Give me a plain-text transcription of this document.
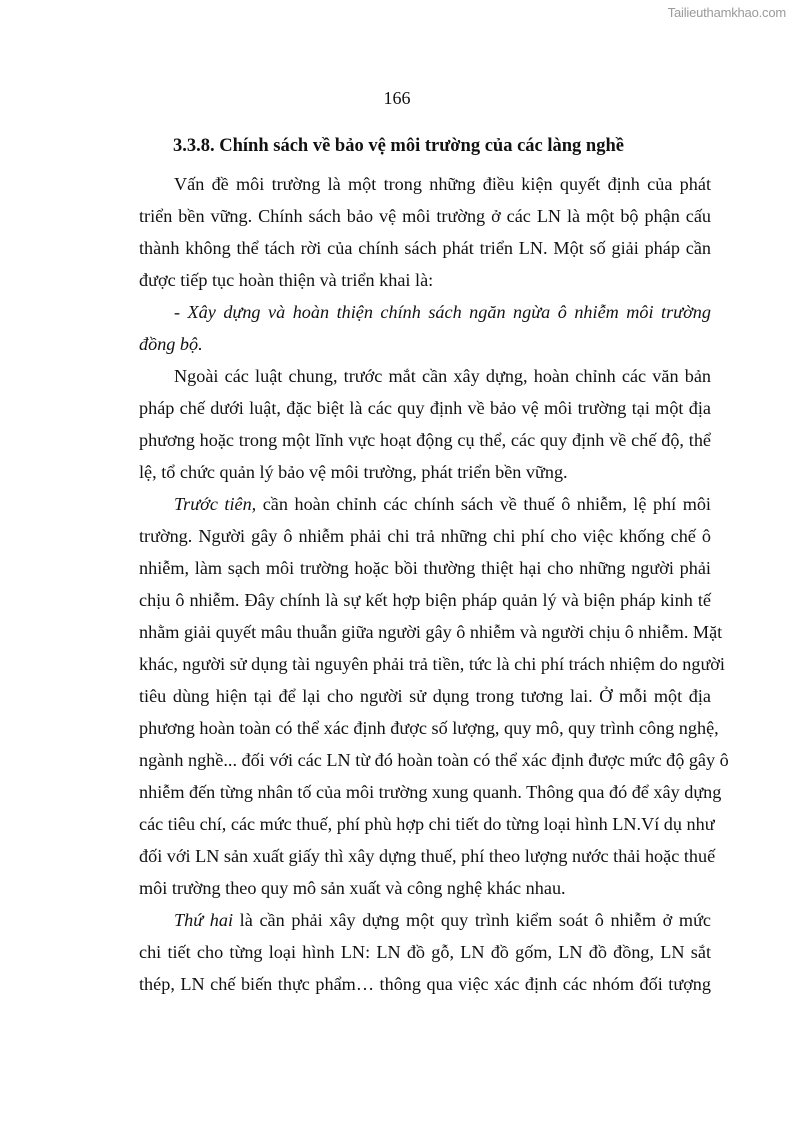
Tailieuthamkhao.com
166
3.3.8. Chính sách về bảo vệ môi trường của các làng nghề
Vấn đề môi trường là một trong những điều kiện quyết định của phát
triển bền vững. Chính sách bảo vệ môi trường ở các LN là một bộ phận cấu
thành không thể tách rời của chính sách phát triển LN. Một số giải pháp cần
được tiếp tục hoàn thiện và triển khai là:
- Xây dựng và hoàn thiện chính sách ngăn ngừa ô nhiễm môi trường
đồng bộ.
Ngoài các luật chung, trước mắt cần xây dựng, hoàn chỉnh các văn bản
pháp chế dưới luật, đặc biệt là các quy định về bảo vệ môi trường tại một địa
phương hoặc trong một lĩnh vực hoạt động cụ thể, các quy định về chế độ, thể
lệ, tổ chức quản lý bảo vệ môi trường, phát triển bền vững.
Trước tiên, cần hoàn chỉnh các chính sách về thuế ô nhiễm, lệ phí môi
trường. Người gây ô nhiễm phải chi trả những chi phí cho việc khống chế ô
nhiễm, làm sạch môi trường hoặc bồi thường thiệt hại cho những người phải
chịu ô nhiễm. Đây chính là sự kết hợp biện pháp quản lý và biện pháp kinh tế
nhằm giải quyết mâu thuẫn giữa người gây ô nhiễm và người chịu ô nhiễm. Mặt
khác, người sử dụng tài nguyên phải trả tiền, tức là chi phí trách nhiệm do người
tiêu dùng hiện tại để lại cho người sử dụng trong tương lai. Ở mỗi một địa
phương hoàn toàn có thể xác định được số lượng, quy mô, quy trình công nghệ,
ngành nghề... đối với các LN từ đó hoàn toàn có thể xác định được mức độ gây ô
nhiễm đến từng nhân tố của môi trường xung quanh. Thông qua đó để xây dựng
các tiêu chí, các mức thuế, phí phù hợp chi tiết do từng loại hình LN.Ví dụ như
đối với LN sản xuất giấy thì xây dựng thuế, phí theo lượng nước thải hoặc thuế
môi trường theo quy mô sản xuất và công nghệ khác nhau.
Thứ hai là cần phải xây dựng một quy trình kiểm soát ô nhiễm ở mức
chi tiết cho từng loại hình LN: LN đồ gỗ, LN đồ gốm, LN đồ đồng, LN sắt
thép, LN chế biến thực phẩm… thông qua việc xác định các nhóm đối tượng
